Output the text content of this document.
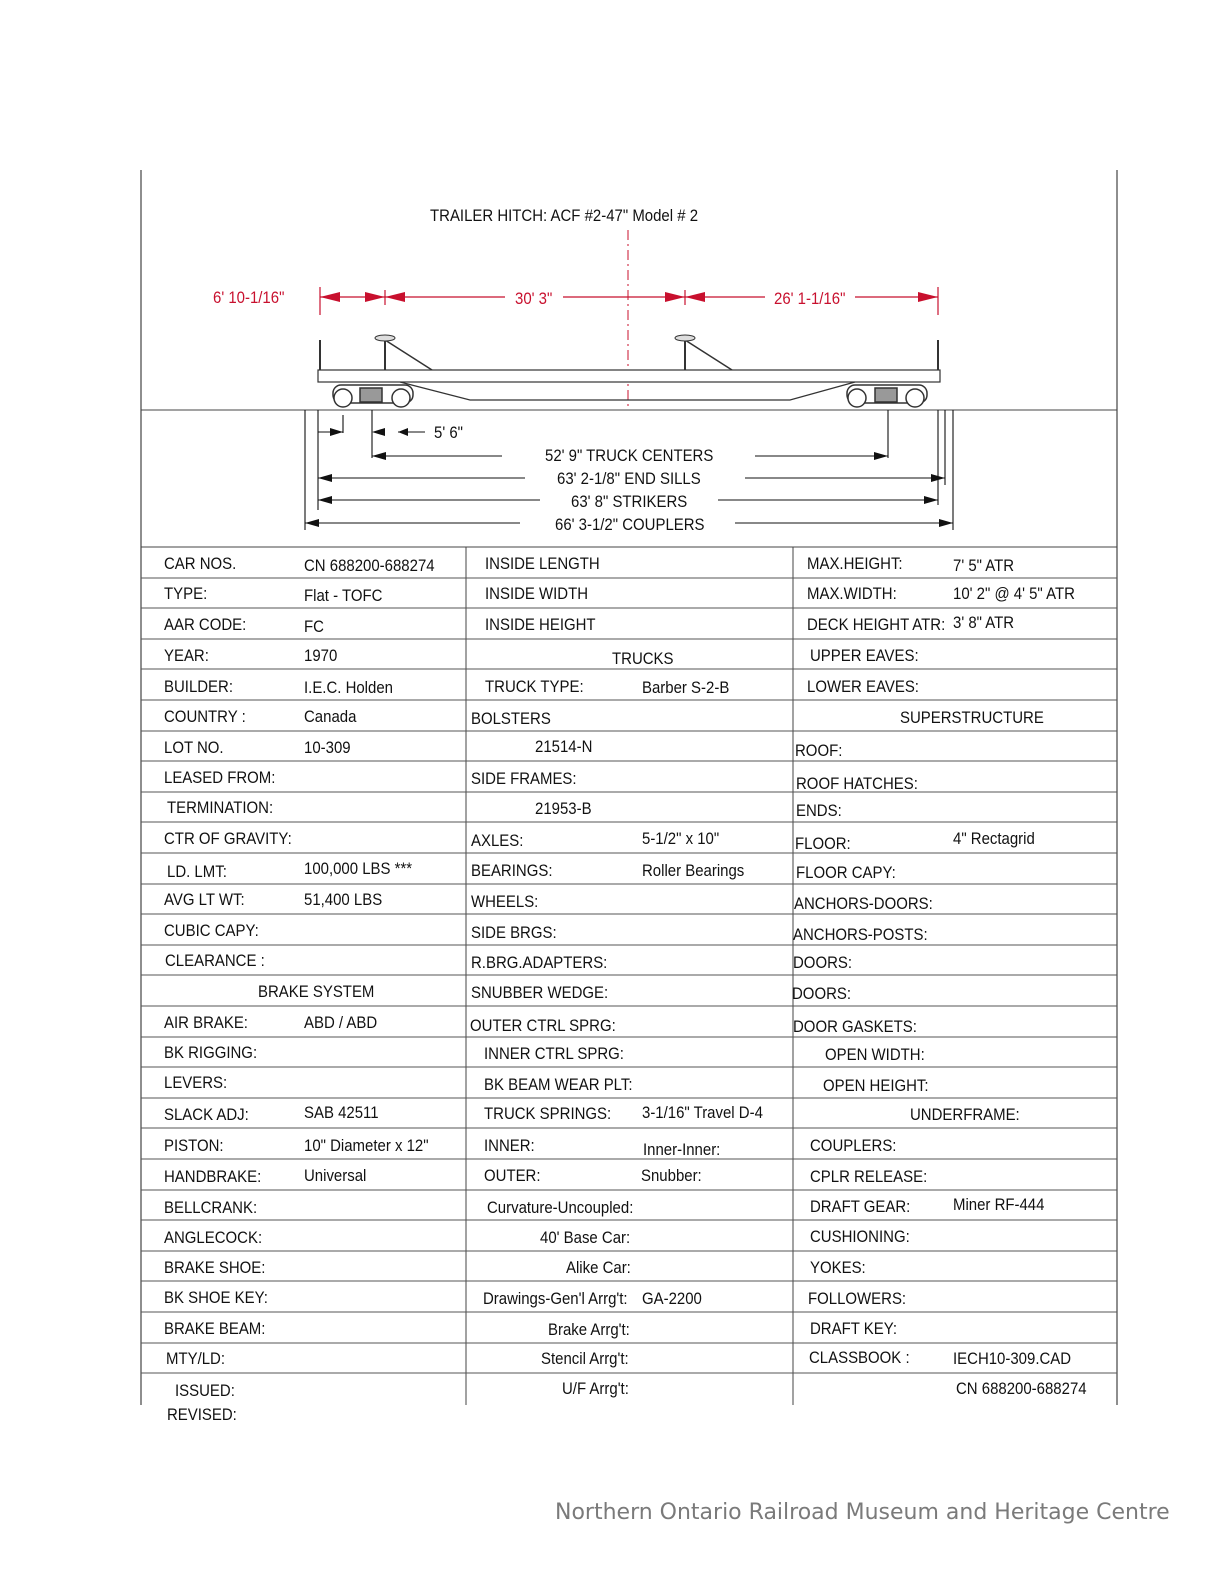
TRAILER HITCH: ACF #2-47" Model # 2
6' 10-1/16"	30' 3"	26' 1-1/16"
5' 6"
52' 9" TRUCK CENTERS
63' 2-1/8" END SILLS
63' 8" STRIKERS
66' 3-1/2" COUPLERS
CAR NOS.	CN 688200-688274
TYPE:	Flat - TOFC
AAR CODE:	FC
YEAR:	1970
BUILDER:	I.E.C. Holden
COUNTRY :	Canada
LOT NO.	10-309
LEASED FROM:
TERMINATION:
CTR OF GRAVITY:
LD. LMT:	100,000 LBS ***
AVG LT WT:	51,400 LBS
CUBIC CAPY:
CLEARANCE :
BRAKE SYSTEM
AIR BRAKE:	ABD / ABD
BK RIGGING:
LEVERS:
SLACK ADJ:	SAB 42511
PISTON:	10" Diameter x 12"
HANDBRAKE:	Universal
BELLCRANK:
ANGLECOCK:
BRAKE SHOE:
BK SHOE KEY:
BRAKE BEAM:
MTY/LD:
ISSUED:
REVISED:
INSIDE LENGTH
INSIDE WIDTH
INSIDE HEIGHT
TRUCKS
TRUCK TYPE:	Barber S-2-B
BOLSTERS
21514-N
SIDE FRAMES:
21953-B
AXLES:	5-1/2" x 10"
BEARINGS:	Roller Bearings
WHEELS:
SIDE BRGS:
R.BRG.ADAPTERS:
SNUBBER WEDGE:
OUTER CTRL SPRG:
INNER CTRL SPRG:
BK BEAM WEAR PLT:
TRUCK SPRINGS: 3-1/16" Travel D-4
INNER:	Inner-Inner:
OUTER:	Snubber:
Curvature-Uncoupled:
40' Base Car:
Alike Car:
Drawings-Gen'l Arrg't: GA-2200
Brake Arrg't:
Stencil Arrg't:
U/F Arrg't:
MAX.HEIGHT:	7' 5" ATR
MAX.WIDTH:	10' 2" @ 4' 5" ATR
DECK HEIGHT ATR: 3' 8" ATR
UPPER EAVES:
LOWER EAVES:
SUPERSTRUCTURE
ROOF:
ROOF HATCHES:
ENDS:
FLOOR:	4" Rectagrid
FLOOR CAPY:
ANCHORS-DOORS:
ANCHORS-POSTS:
DOORS:
DOORS:
DOOR GASKETS:
OPEN WIDTH:
OPEN HEIGHT:
UNDERFRAME:
COUPLERS:
CPLR RELEASE:
DRAFT GEAR:	Miner RF-444
CUSHIONING:
YOKES:
FOLLOWERS:
DRAFT KEY:
CLASSBOOK :	IECH10-309.CAD
CN 688200-688274
Northern Ontario Railroad Museum and Heritage Centre
